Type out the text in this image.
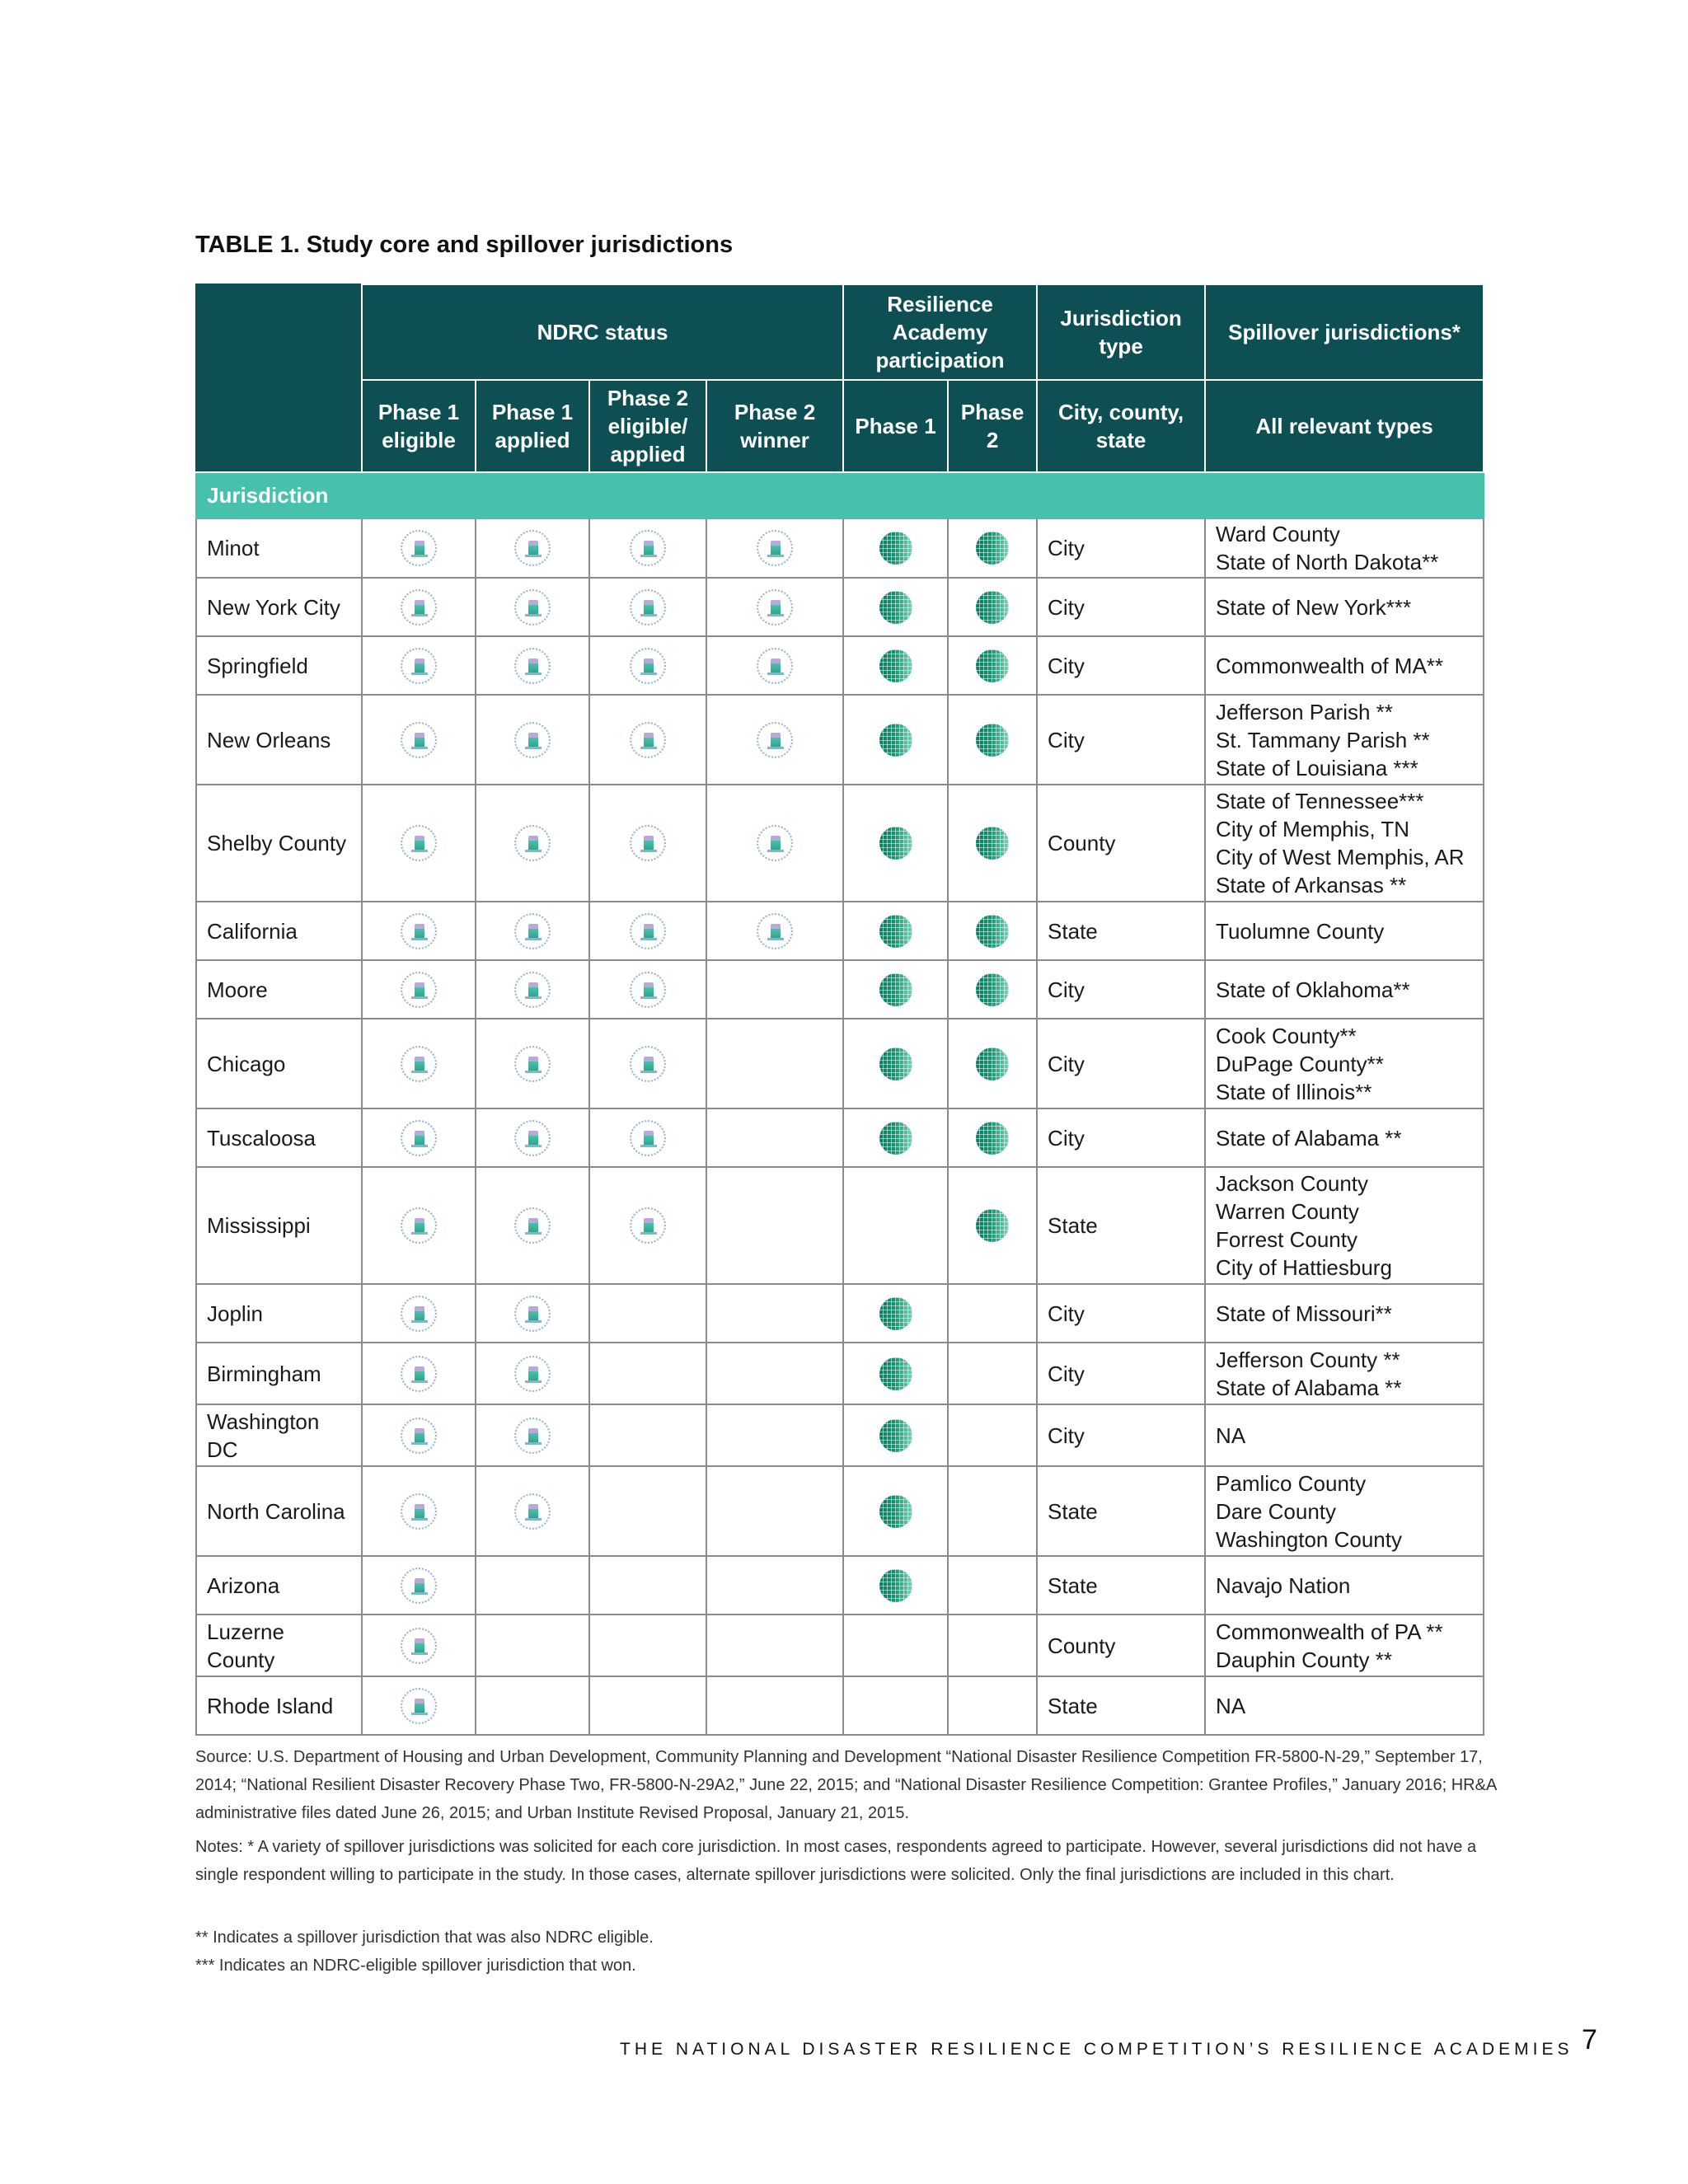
TABLE 1. Study core and spillover jurisdictions
	NDRC status				Resilience Academy participation		Jurisdiction type	Spillover jurisdictions*
	Phase 1 eligible	Phase 1 applied	Phase 2 eligible/ applied	Phase 2 winner	Phase 1	Phase 2	City, county, state	All relevant types
Jurisdiction								
Minot							City	Ward County
State of North Dakota**

New York City							City	State of New York***

Springfield							City	Commonwealth of MA**

New Orleans							City	Jefferson Parish **
St. Tammany Parish **
State of Louisiana ***

Shelby County							County	State of Tennessee***
City of Memphis, TN
City of West Memphis, AR
State of Arkansas **

California							State	Tuolumne County

Moore							City	State of Oklahoma**

Chicago							City	Cook County**
DuPage County**
State of Illinois**

Tuscaloosa							City	State of Alabama **

Mississippi							State	Jackson County
Warren County
Forrest County
City of Hattiesburg

Joplin							City	State of Missouri**

Birmingham							City	Jefferson County **
State of Alabama **

Washington DC							City	NA

North Carolina							State	Pamlico County
Dare County
Washington County

Arizona							State	Navajo Nation

Luzerne County							County	Commonwealth of PA **
Dauphin County **

Rhode Island							State	NA
Source: U.S. Department of Housing and Urban Development, Community Planning and Development “National Disaster Resilience Competition FR-5800-N-29,” September 17, 2014; “National Resilient Disaster Recovery Phase Two, FR-5800-N-29A2,” June 22, 2015; and “National Disaster Resilience Competition: Grantee Profiles,” January 2016; HR&A administrative files dated June 26, 2015; and Urban Institute Revised Proposal, January 21, 2015.
Notes: * A variety of spillover jurisdictions was solicited for each core jurisdiction. In most cases, respondents agreed to participate. However, several jurisdictions did not have a single respondent willing to participate in the study. In those cases, alternate spillover jurisdictions were solicited. Only the final jurisdictions are included in this chart.
** Indicates a spillover jurisdiction that was also NDRC eligible.
*** Indicates an NDRC-eligible spillover jurisdiction that won.
THE NATIONAL DISASTER RESILIENCE COMPETITION’S RESILIENCE ACADEMIES 7
